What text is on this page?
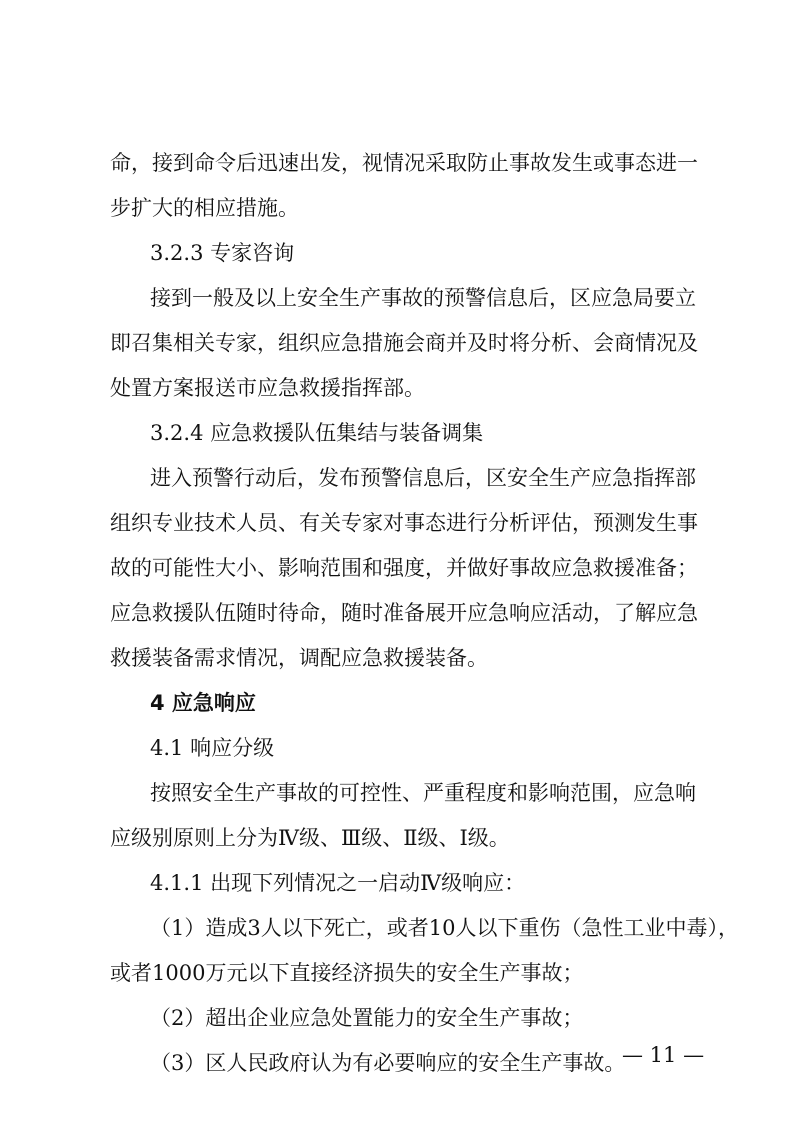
命，接到命令后迅速出发，视情况采取防止事故发生或事态进一
步扩大的相应措施。
3.2.3 专家咨询
接到一般及以上安全生产事故的预警信息后，区应急局要立
即召集相关专家，组织应急措施会商并及时将分析、会商情况及
处置方案报送市应急救援指挥部。
3.2.4 应急救援队伍集结与装备调集
进入预警行动后，发布预警信息后，区安全生产应急指挥部
组织专业技术人员、有关专家对事态进行分析评估，预测发生事
故的可能性大小、影响范围和强度，并做好事故应急救援准备；
应急救援队伍随时待命，随时准备展开应急响应活动，了解应急
救援装备需求情况，调配应急救援装备。
4 应急响应
4.1 响应分级
按照安全生产事故的可控性、严重程度和影响范围，应急响
应级别原则上分为Ⅳ级、Ⅲ级、Ⅱ级、Ⅰ级。
4.1.1 出现下列情况之一启动Ⅳ级响应：
（1）造成3人以下死亡，或者10人以下重伤（急性工业中毒），
或者1000万元以下直接经济损失的安全生产事故；
（2）超出企业应急处置能力的安全生产事故；
（3）区人民政府认为有必要响应的安全生产事故。
— 11 —
